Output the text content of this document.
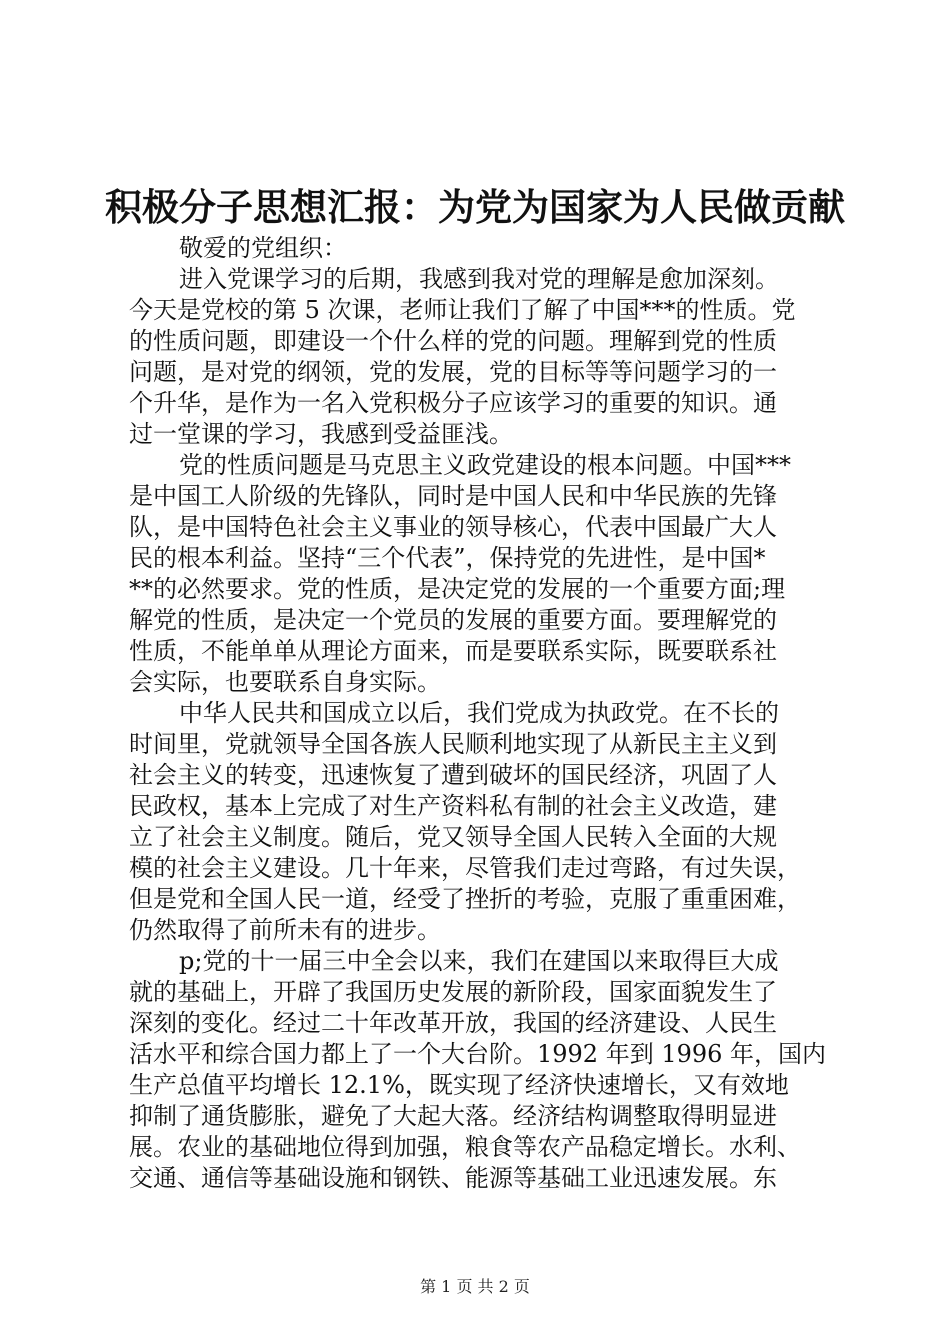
积极分子思想汇报：为党为国家为人民做贡献
敬爱的党组织：
进入党课学习的后期，我感到我对党的理解是愈加深刻。
今天是党校的第 5 次课，老师让我们了解了中国***的性质。党
的性质问题，即建设一个什么样的党的问题。理解到党的性质
问题，是对党的纲领，党的发展，党的目标等等问题学习的一
个升华，是作为一名入党积极分子应该学习的重要的知识。通
过一堂课的学习，我感到受益匪浅。
党的性质问题是马克思主义政党建设的根本问题。中国***
是中国工人阶级的先锋队，同时是中国人民和中华民族的先锋
队，是中国特色社会主义事业的领导核心，代表中国最广大人
民的根本利益。坚持“三个代表”，保持党的先进性，是中国*
**的必然要求。党的性质，是决定党的发展的一个重要方面;理
解党的性质，是决定一个党员的发展的重要方面。要理解党的
性质，不能单单从理论方面来，而是要联系实际，既要联系社
会实际，也要联系自身实际。
中华人民共和国成立以后，我们党成为执政党。在不长的
时间里，党就领导全国各族人民顺利地实现了从新民主主义到
社会主义的转变，迅速恢复了遭到破坏的国民经济，巩固了人
民政权，基本上完成了对生产资料私有制的社会主义改造，建
立了社会主义制度。随后，党又领导全国人民转入全面的大规
模的社会主义建设。几十年来，尽管我们走过弯路，有过失误，
但是党和全国人民一道，经受了挫折的考验，克服了重重困难，
仍然取得了前所未有的进步。
p;党的十一届三中全会以来，我们在建国以来取得巨大成
就的基础上，开辟了我国历史发展的新阶段，国家面貌发生了
深刻的变化。经过二十年改革开放，我国的经济建设、人民生
活水平和综合国力都上了一个大台阶。1992 年到 1996 年，国内
生产总值平均增长 12.1%，既实现了经济快速增长，又有效地
抑制了通货膨胀，避免了大起大落。经济结构调整取得明显进
展。农业的基础地位得到加强，粮食等农产品稳定增长。水利、
交通、通信等基础设施和钢铁、能源等基础工业迅速发展。东
第 1 页 共 2 页
